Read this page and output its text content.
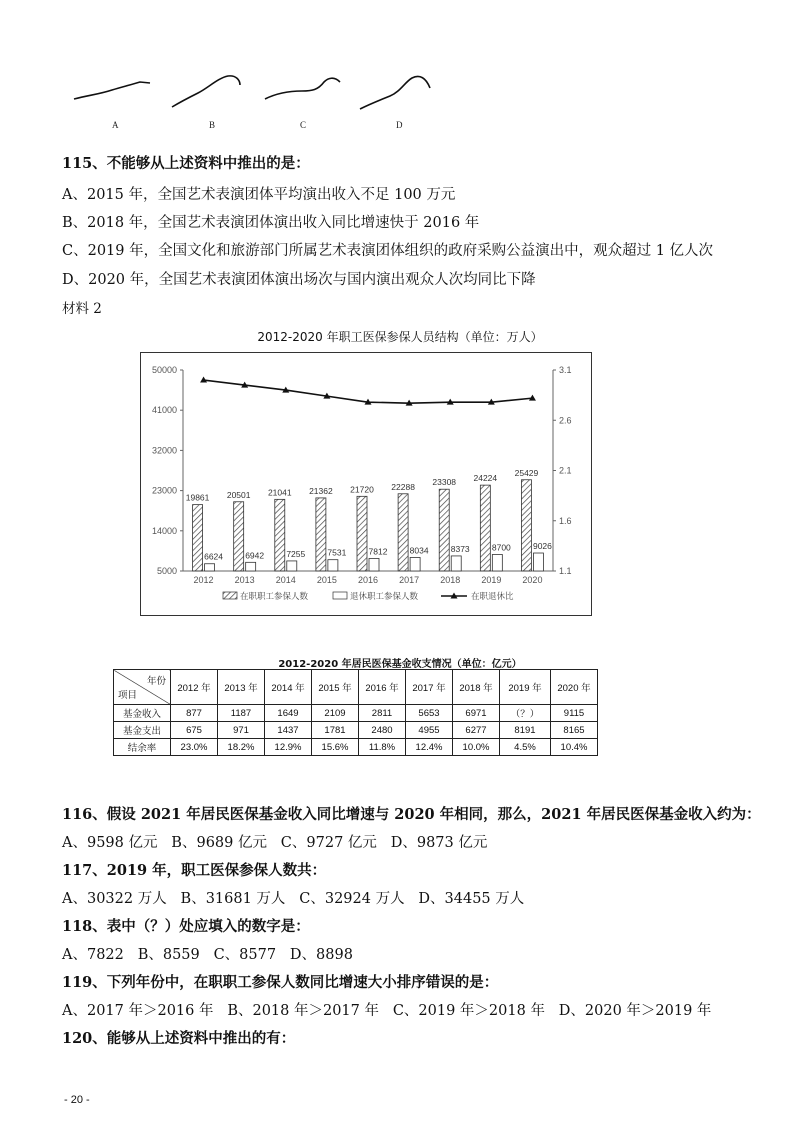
A	B	C	D
115、不能够从上述资料中推出的是：
A、2015 年，全国艺术表演团体平均演出收入不足 100 万元
B、2018 年，全国艺术表演团体演出收入同比增速快于 2016 年
C、2019 年，全国文化和旅游部门所属艺术表演团体组织的政府采购公益演出中，观众超过 1 亿人次
D、2020 年，全国艺术表演团体演出场次与国内演出观众人次均同比下降
材料 2
2012-2020 年职工医保参保人员结构（单位：万人）
5000
14000
23000
32000
41000
50000
1.1
1.6
2.1
2.6
3.1
2012 2013 2014 2015 2016 2017 2018 2019 2020
19861 20501 21041 21362 21720 22288 23308 24224
25429
6624	6942	7255	7531	7812	8034	8373	8700	9026
在职职工参保人数	退休职工参保人数	在职退休比
2012-2020 年居民医保基金收支情况（单位：亿元）
年份
项目	2012 年	2013 年	2014 年	2015 年	2016 年	2017 年	2018 年	2019 年	2020 年
基金收入	877	1187	1649	2109	2811	5653	6971	（？）	9115
基金支出	675	971	1437	1781	2480	4955	6277	8191	8165
结余率	23.0%	18.2%	12.9%	15.6%	11.8%	12.4%	10.0%	4.5%	10.4%
116、假设 2021 年居民医保基金收入同比增速与 2020 年相同，那么，2021 年居民医保基金收入约为：
A、9598 亿元   B、9689 亿元   C、9727 亿元   D、9873 亿元
117、2019 年，职工医保参保人数共：
A、30322 万人   B、31681 万人   C、32924 万人   D、34455 万人
118、表中（？）处应填入的数字是：
A、7822   B、8559   C、8577   D、8898
119、下列年份中，在职职工参保人数同比增速大小排序错误的是：
A、2017 年＞2016 年   B、2018 年＞2017 年   C、2019 年＞2018 年   D、2020 年＞2019 年
120、能够从上述资料中推出的有：
- 20 -
